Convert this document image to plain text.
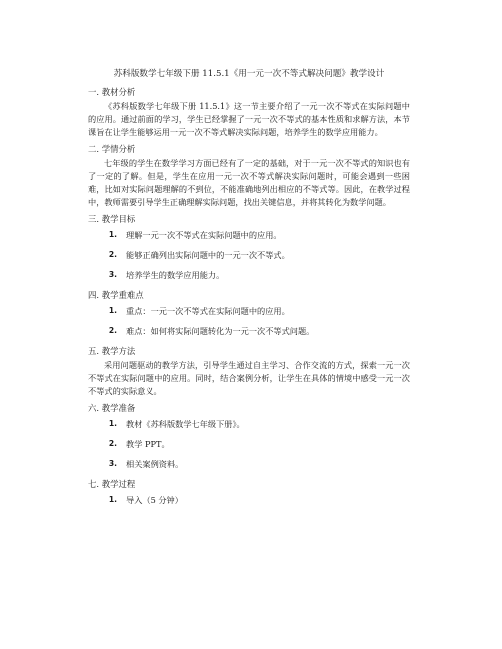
苏科版数学七年级下册 11.5.1《用一元一次不等式解决问题》教学设计
一. 教材分析

《苏科版数学七年级下册 11.5.1》这一节主要介绍了一元一次不等式在实际问题中的应用。通过前面的学习，学生已经掌握了一元一次不等式的基本性质和求解方法，本节课旨在让学生能够运用一元一次不等式解决实际问题，培养学生的数学应用能力。

二. 学情分析

七年级的学生在数学学习方面已经有了一定的基础，对于一元一次不等式的知识也有了一定的了解。但是，学生在应用一元一次不等式解决实际问题时，可能会遇到一些困难，比如对实际问题理解的不到位，不能准确地列出相应的不等式等。因此，在教学过程中，教师需要引导学生正确理解实际问题，找出关键信息，并将其转化为数学问题。

三. 教学目标
1.	理解一元一次不等式在实际问题中的应用。
2.	能够正确列出实际问题中的一元一次不等式。
3.	培养学生的数学应用能力。
四. 教学重难点
1.	重点：一元一次不等式在实际问题中的应用。
2.	难点：如何将实际问题转化为一元一次不等式问题。
五. 教学方法

采用问题驱动的教学方法，引导学生通过自主学习、合作交流的方式，探索一元一次不等式在实际问题中的应用。同时，结合案例分析，让学生在具体的情境中感受一元一次不等式的实际意义。

六. 教学准备
1.	教材《苏科版数学七年级下册》。
2.	教学 PPT。
3.	相关案例资料。
七. 教学过程
1.	导入（5 分钟）
